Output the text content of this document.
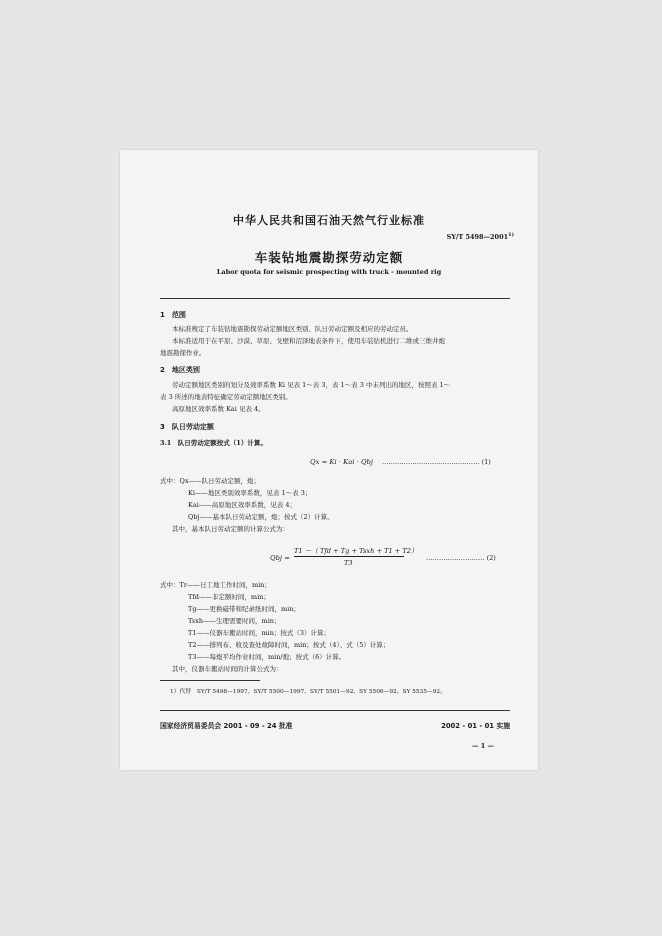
中华人民共和国石油天然气行业标准
SY/T 5498—2001$^{1)}$
车装钻地震勘探劳动定额
Labor quota for seismic prospecting with truck - mounted rig
1　范围
本标准规定了车装钻地震勘探劳动定额地区类别、队日劳动定额及相应的劳动定员。
本标准适用于在平原、沙漠、草原、戈壁和沼泽地表条件下，使用车装钻机进行二维或三维井炮
地震勘探作业。
2　地区类别
劳动定额地区类别的划分及效率系数 Ki 见表 1～表 3，表 1～表 3 中未列出的地区，按照表 1～
表 3 所述的地表特征确定劳动定额地区类别。
高原地区效率系数 Kai 见表 4。
3　队日劳动定额
3.1　队日劳动定额按式（1）计算。
Qx = Ki · Kai · Qbj ……………………………………… (1)
式中：Qx——队日劳动定额，炮；
Ki——地区类别效率系数，见表 1～表 3；
Kai——高原地区效率系数，见表 4；
Qbj——基本队日劳动定额，炮；按式（2）计算。
其中，基本队日劳动定额的计算公式为：
Qbj =
T1 －（ Tfd + Tg + Tsxh + T1 + T2）
T3
……………………… (2)
式中：Tr——日工地工作时间，min；
Tfd——非定额时间，min；
Tg——更换磁带和纪录纸时间，min；
Tsxh——生理需要时间，min；
T1——仪器车搬站时间，min；按式（3）计算；
T2——排列布、收及查处故障时间，min；按式（4）、式（5）计算；
T3——每炮平均作业时间，min/炮；按式（6）计算。
其中，仪器车搬站时间的计算公式为：
1）代替　SY/T 5498—1997、SY/T 5500—1997、SY/T 5501—92、SY 5506—92、SY 5535—92。
国家经济贸易委员会 2001 - 09 - 24 批准	2002 - 01 - 01 实施
— 1 —
